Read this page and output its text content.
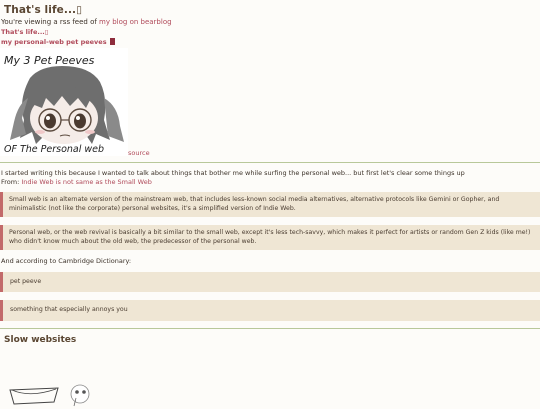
That's life...▯
You're viewing a rss feed of my blog on bearblog
That's life...▯
my personal-web pet peeves
My 3 Pet Peeves
OF The Personal web	source
I started writing this because I wanted to talk about things that bother me while surfing the personal web... but first let's clear some things up
From: Indie Web is not same as the Small Web
Small web is an alternate version of the mainstream web, that includes less-known social media alternatives, alternative protocols like Gemini or Gopher, and minimalistic (not like the corporate) personal websites, it's a simplified version of Indie Web.
Personal web, or the web revival is basically a bit similar to the small web, except it's less tech-savvy, which makes it perfect for artists or random Gen Z kids (like me!) who didn't know much about the old web, the predecessor of the personal web.
And according to Cambridge Dictionary:
pet peeve
something that especially annoys you
Slow websites
